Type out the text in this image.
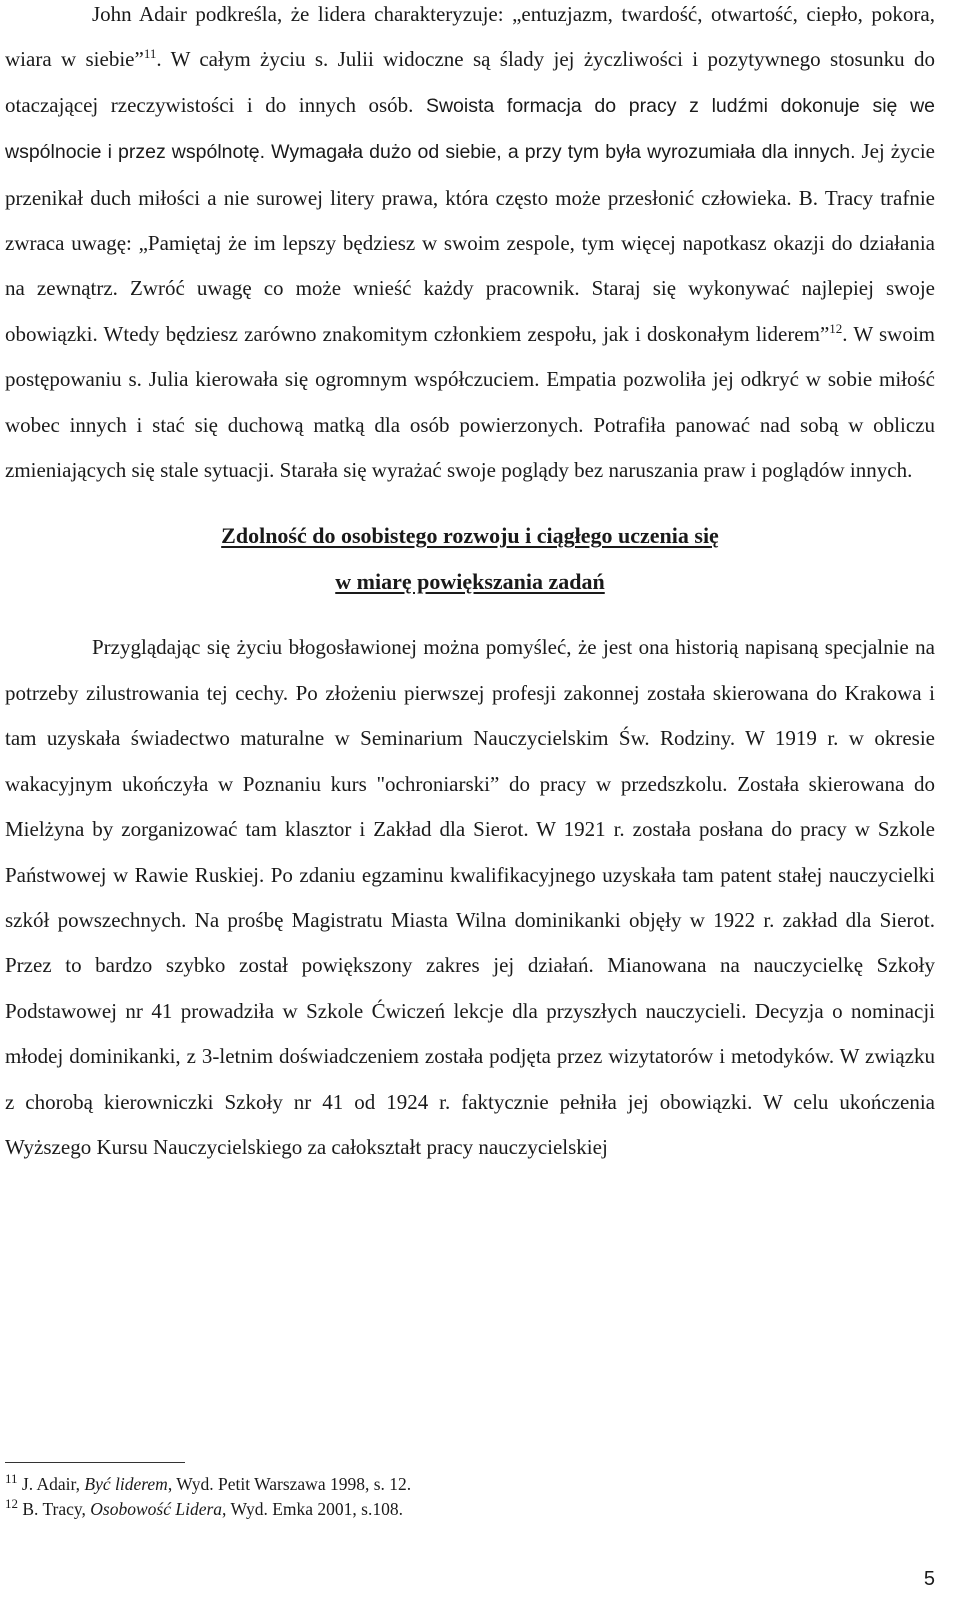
John Adair podkreśla, że lidera charakteryzuje: „entuzjazm, twardość, otwartość, ciepło, pokora, wiara w siebie”$^{11}$. W całym życiu s. Julii widoczne są ślady jej życzliwości i pozytywnego stosunku do otaczającej rzeczywistości i do innych osób. Swoista formacja do pracy z ludźmi dokonuje się we wspólnocie i przez wspólnotę. Wymagała dużo od siebie, a przy tym była wyrozumiała dla innych. Jej życie przenikał duch miłości a nie surowej litery prawa, która często może przesłonić człowieka. B. Tracy trafnie zwraca uwagę: „Pamiętaj że im lepszy będziesz w swoim zespole, tym więcej napotkasz okazji do działania na zewnątrz. Zwróć uwagę co może wnieść każdy pracownik. Staraj się wykonywać najlepiej swoje obowiązki. Wtedy będziesz zarówno znakomitym członkiem zespołu, jak i doskonałym liderem”$^{12}$. W swoim postępowaniu s. Julia kierowała się ogromnym współczuciem. Empatia pozwoliła jej odkryć w sobie miłość wobec innych i stać się duchową matką dla osób powierzonych. Potrafiła panować nad sobą w obliczu zmieniających się stale sytuacji. Starała się wyrażać swoje poglądy bez naruszania praw i poglądów innych.

Zdolność do osobistego rozwoju i ciągłego uczenia się
w miarę powiększania zadań

Przyglądając się życiu błogosławionej można pomyśleć, że jest ona historią napisaną specjalnie na potrzeby zilustrowania tej cechy. Po złożeniu pierwszej profesji zakonnej została skierowana do Krakowa i tam uzyskała świadectwo maturalne w Seminarium Nauczycielskim Św. Rodziny. W 1919 r. w okresie wakacyjnym ukończyła w Poznaniu kurs "ochroniarski” do pracy w przedszkolu. Została skierowana do Mielżyna by zorganizować tam klasztor i Zakład dla Sierot. W 1921 r. została posłana do pracy w Szkole Państwowej w Rawie Ruskiej. Po zdaniu egzaminu kwalifikacyjnego uzyskała tam patent stałej nauczycielki szkół powszechnych. Na prośbę Magistratu Miasta Wilna dominikanki objęły w 1922 r. zakład dla Sierot. Przez to bardzo szybko został powiększony zakres jej działań. Mianowana na nauczycielkę Szkoły Podstawowej nr 41 prowadziła w Szkole Ćwiczeń lekcje dla przyszłych nauczycieli. Decyzja o nominacji młodej dominikanki, z 3-letnim doświadczeniem została podjęta przez wizytatorów i metodyków. W związku z chorobą kierowniczki Szkoły nr 41 od 1924 r. faktycznie pełniła jej obowiązki. W celu ukończenia Wyższego Kursu Nauczycielskiego za całokształt pracy nauczycielskiej

$^{11}$ J. Adair, Być liderem, Wyd. Petit Warszawa 1998, s. 12.
$^{12}$ B. Tracy, Osobowość Lidera, Wyd. Emka 2001, s.108.
5
